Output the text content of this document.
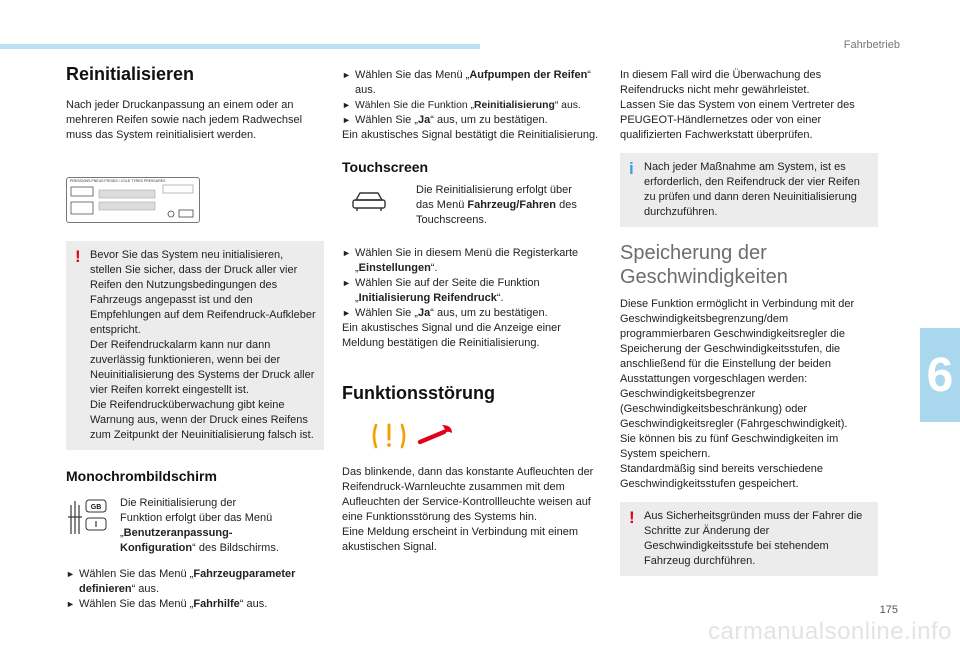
Fahrbetrieb
6
175
carmanualsonline.info
Reinitialisieren

Nach jeder Druckanpassung an einem oder an mehreren Reifen sowie nach jedem Radwechsel muss das System reinitialisiert werden.

PRESSIONS PNEUS FROIDS / COLD TYRES PRESSURES
! Bevor Sie das System neu initialisieren, stellen Sie sicher, dass der Druck aller vier Reifen den Nutzungsbedingungen des Fahrzeugs angepasst ist und den Empfehlungen auf dem Reifendruck-Aufkleber entspricht.
Der Reifendruckalarm kann nur dann zuverlässig funktionieren, wenn bei der Neuinitialisierung des Systems der Druck aller vier Reifen korrekt eingestellt ist.
Die Reifendrucküberwachung gibt keine Warnung aus, wenn der Druck eines Reifens zum Zeitpunkt der Neuinitialisierung falsch ist.

Monochrombildschirm
GB Die Reinitialisierung der Funktion erfolgt über das Menü „Benutzeranpassung-Konfiguration“ des Bildschirms.

► Wählen Sie das Menü „Fahrzeugparameter definieren“ aus.
► Wählen Sie das Menü „Fahrhilfe“ aus.
► Wählen Sie das Menü „Aufpumpen der Reifen“ aus.
► Wählen Sie die Funktion „Reinitialisierung“ aus.
► Wählen Sie „Ja“ aus, um zu bestätigen.

Ein akustisches Signal bestätigt die Reinitialisierung.

Touchscreen

Die Reinitialisierung erfolgt über das Menü Fahrzeug/Fahren des Touchscreens.

► Wählen Sie in diesem Menü die Registerkarte „Einstellungen“.
► Wählen Sie auf der Seite die Funktion „Initialisierung Reifendruck“.
► Wählen Sie „Ja“ aus, um zu bestätigen.

Ein akustisches Signal und die Anzeige einer Meldung bestätigen die Reinitialisierung.

Funktionsstörung

Das blinkende, dann das konstante Aufleuchten der Reifendruck-Warnleuchte zusammen mit dem Aufleuchten der Service-Kontrollleuchte weisen auf eine Funktionsstörung des Systems hin.
Eine Meldung erscheint in Verbindung mit einem akustischen Signal.

In diesem Fall wird die Überwachung des Reifendrucks nicht mehr gewährleistet.
Lassen Sie das System von einem Vertreter des PEUGEOT-Händlernetzes oder von einer qualifizierten Fachwerkstatt überprüfen.

i Nach jeder Maßnahme am System, ist es erforderlich, den Reifendruck der vier Reifen zu prüfen und dann deren Neuinitialisierung durchzuführen.

Speicherung der Geschwindigkeiten

Diese Funktion ermöglicht in Verbindung mit der Geschwindigkeitsbegrenzung/dem programmierbaren Geschwindigkeitsregler die Speicherung der Geschwindigkeitsstufen, die anschließend für die Einstellung der beiden Ausstattungen vorgeschlagen werden: Geschwindigkeitsbegrenzer (Geschwindigkeitsbeschränkung) oder Geschwindigkeitsregler (Fahrgeschwindigkeit).
Sie können bis zu fünf Geschwindigkeiten im System speichern.
Standardmäßig sind bereits verschiedene Geschwindigkeitsstufen gespeichert.

! Aus Sicherheitsgründen muss der Fahrer die Schritte zur Änderung der Geschwindigkeitsstufe bei stehendem Fahrzeug durchführen.
